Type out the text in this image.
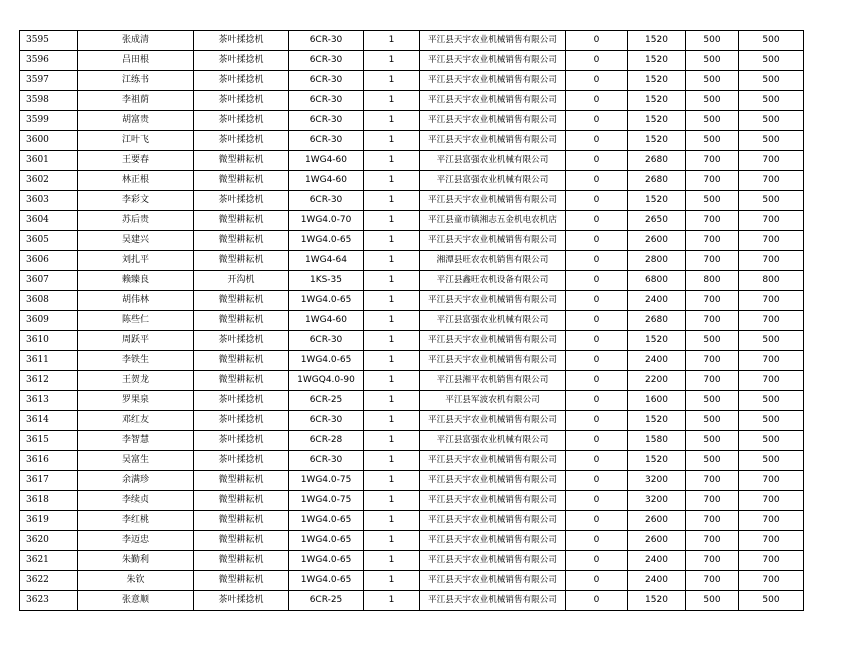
3595	张成清	茶叶揉捻机	6CR-30	1	平江县天宇农业机械销售有限公司	0	1520	500	500
3596	吕田根	茶叶揉捻机	6CR-30	1	平江县天宇农业机械销售有限公司	0	1520	500	500
3597	江练书	茶叶揉捻机	6CR-30	1	平江县天宇农业机械销售有限公司	0	1520	500	500
3598	李祖荫	茶叶揉捻机	6CR-30	1	平江县天宇农业机械销售有限公司	0	1520	500	500
3599	胡富贵	茶叶揉捻机	6CR-30	1	平江县天宇农业机械销售有限公司	0	1520	500	500
3600	江叶飞	茶叶揉捻机	6CR-30	1	平江县天宇农业机械销售有限公司	0	1520	500	500
3601	王要春	微型耕耘机	1WG4-60	1	平江县富强农业机械有限公司	0	2680	700	700
3602	林正根	微型耕耘机	1WG4-60	1	平江县富强农业机械有限公司	0	2680	700	700
3603	李彩文	茶叶揉捻机	6CR-30	1	平江县天宇农业机械销售有限公司	0	1520	500	500
3604	苏后贵	微型耕耘机	1WG4.0-70	1	平江县童市镇湘志五金机电农机店	0	2650	700	700
3605	吴建兴	微型耕耘机	1WG4.0-65	1	平江县天宇农业机械销售有限公司	0	2600	700	700
3606	刘扎平	微型耕耘机	1WG4-64	1	湘潭县旺农农机销售有限公司	0	2800	700	700
3607	赖臻良	开沟机	1KS-35	1	平江县鑫旺农机设备有限公司	0	6800	800	800
3608	胡伟林	微型耕耘机	1WG4.0-65	1	平江县天宇农业机械销售有限公司	0	2400	700	700
3609	陈些仁	微型耕耘机	1WG4-60	1	平江县富强农业机械有限公司	0	2680	700	700
3610	周跃平	茶叶揉捻机	6CR-30	1	平江县天宇农业机械销售有限公司	0	1520	500	500
3611	李铁生	微型耕耘机	1WG4.0-65	1	平江县天宇农业机械销售有限公司	0	2400	700	700
3612	王贺龙	微型耕耘机	1WGQ4.0-90	1	平江县湘平农机销售有限公司	0	2200	700	700
3613	罗果泉	茶叶揉捻机	6CR-25	1	平江县军波农机有限公司	0	1600	500	500
3614	邓红友	茶叶揉捻机	6CR-30	1	平江县天宇农业机械销售有限公司	0	1520	500	500
3615	李智慧	茶叶揉捻机	6CR-28	1	平江县富强农业机械有限公司	0	1580	500	500
3616	吴富生	茶叶揉捻机	6CR-30	1	平江县天宇农业机械销售有限公司	0	1520	500	500
3617	余满珍	微型耕耘机	1WG4.0-75	1	平江县天宇农业机械销售有限公司	0	3200	700	700
3618	李续贞	微型耕耘机	1WG4.0-75	1	平江县天宇农业机械销售有限公司	0	3200	700	700
3619	李红桃	微型耕耘机	1WG4.0-65	1	平江县天宇农业机械销售有限公司	0	2600	700	700
3620	李迈忠	微型耕耘机	1WG4.0-65	1	平江县天宇农业机械销售有限公司	0	2600	700	700
3621	朱勤利	微型耕耘机	1WG4.0-65	1	平江县天宇农业机械销售有限公司	0	2400	700	700
3622	朱钦	微型耕耘机	1WG4.0-65	1	平江县天宇农业机械销售有限公司	0	2400	700	700
3623	张意顺	茶叶揉捻机	6CR-25	1	平江县天宇农业机械销售有限公司	0	1520	500	500
